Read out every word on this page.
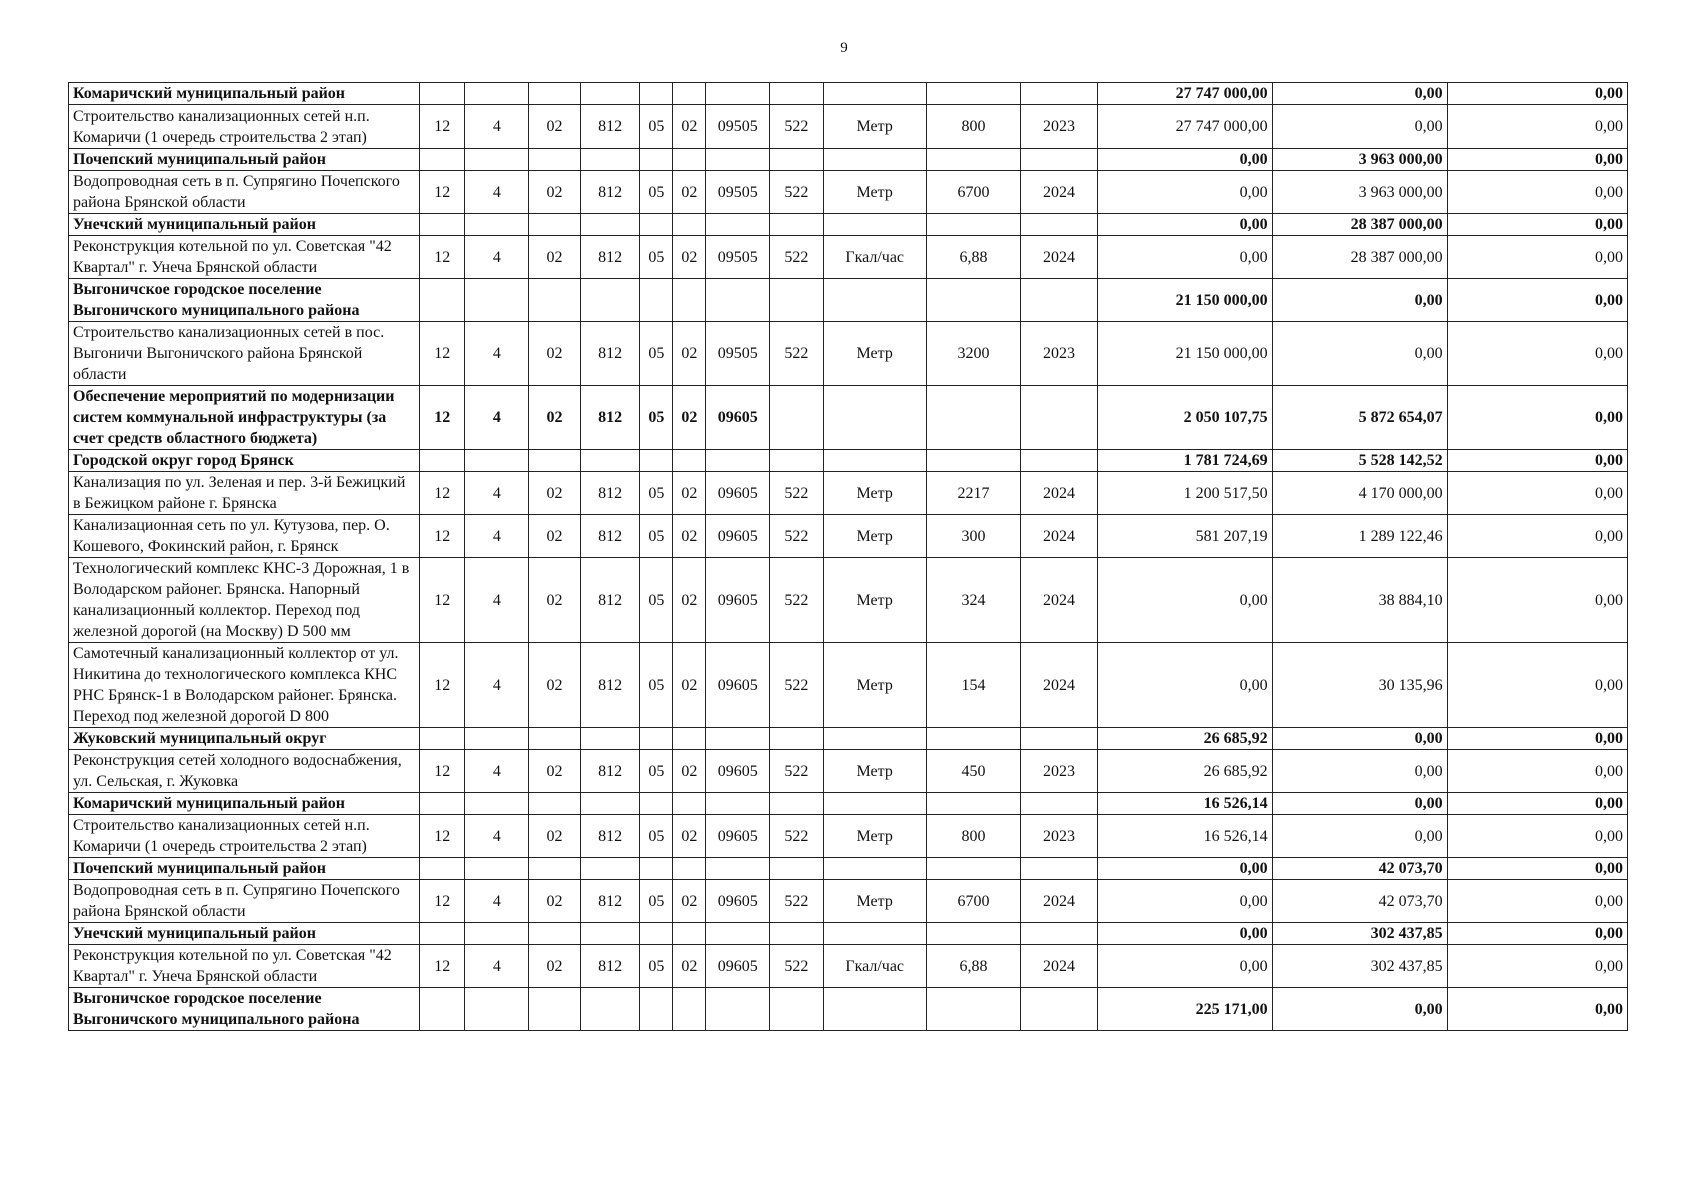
9
Комаричский муниципальный район												27 747 000,00	0,00	0,00
Строительство канализационных сетей н.п. Комаричи (1 очередь строительства 2 этап)	12	4	02	812	05	02	09505	522	Метр	800	2023	27 747 000,00	0,00	0,00
Почепский муниципальный район												0,00	3 963 000,00	0,00
Водопроводная сеть в п. Супрягино Почепского района Брянской области	12	4	02	812	05	02	09505	522	Метр	6700	2024	0,00	3 963 000,00	0,00
Унечский муниципальный район												0,00	28 387 000,00	0,00
Реконструкция котельной по ул. Советская "42 Квартал" г. Унеча Брянской области	12	4	02	812	05	02	09505	522	Гкал/час	6,88	2024	0,00	28 387 000,00	0,00
Выгоничское городское поселение Выгоничского муниципального района												21 150 000,00	0,00	0,00
Строительство канализационных сетей в пос. Выгоничи Выгоничского района Брянской области	12	4	02	812	05	02	09505	522	Метр	3200	2023	21 150 000,00	0,00	0,00
Обеспечение мероприятий по модернизации систем коммунальной инфраструктуры (за счет средств областного бюджета)	12	4	02	812	05	02	09605					2 050 107,75	5 872 654,07	0,00
Городской округ город Брянск												1 781 724,69	5 528 142,52	0,00
Канализация по ул. Зеленая и пер. 3-й Бежицкий в Бежицком районе г. Брянска	12	4	02	812	05	02	09605	522	Метр	2217	2024	1 200 517,50	4 170 000,00	0,00
Канализационная сеть по ул. Кутузова, пер. О. Кошевого, Фокинский район, г. Брянск	12	4	02	812	05	02	09605	522	Метр	300	2024	581 207,19	1 289 122,46	0,00
Технологический комплекс КНС-3 Дорожная, 1 в Володарском районег. Брянска. Напорный канализационный коллектор. Переход под железной дорогой (на Москву) D 500 мм	12	4	02	812	05	02	09605	522	Метр	324	2024	0,00	38 884,10	0,00
Самотечный канализационный коллектор от ул. Никитина до технологического комплекса КНС РНС Брянск-1 в Володарском районег. Брянска. Переход под железной дорогой D 800	12	4	02	812	05	02	09605	522	Метр	154	2024	0,00	30 135,96	0,00
Жуковский муниципальный округ												26 685,92	0,00	0,00
Реконструкция сетей холодного водоснабжения, ул. Сельская, г. Жуковка	12	4	02	812	05	02	09605	522	Метр	450	2023	26 685,92	0,00	0,00
Комаричский муниципальный район												16 526,14	0,00	0,00
Строительство канализационных сетей н.п. Комаричи (1 очередь строительства 2 этап)	12	4	02	812	05	02	09605	522	Метр	800	2023	16 526,14	0,00	0,00
Почепский муниципальный район												0,00	42 073,70	0,00
Водопроводная сеть в п. Супрягино Почепского района Брянской области	12	4	02	812	05	02	09605	522	Метр	6700	2024	0,00	42 073,70	0,00
Унечский муниципальный район												0,00	302 437,85	0,00
Реконструкция котельной по ул. Советская "42 Квартал" г. Унеча Брянской области	12	4	02	812	05	02	09605	522	Гкал/час	6,88	2024	0,00	302 437,85	0,00
Выгоничское городское поселение Выгоничского муниципального района												225 171,00	0,00	0,00
